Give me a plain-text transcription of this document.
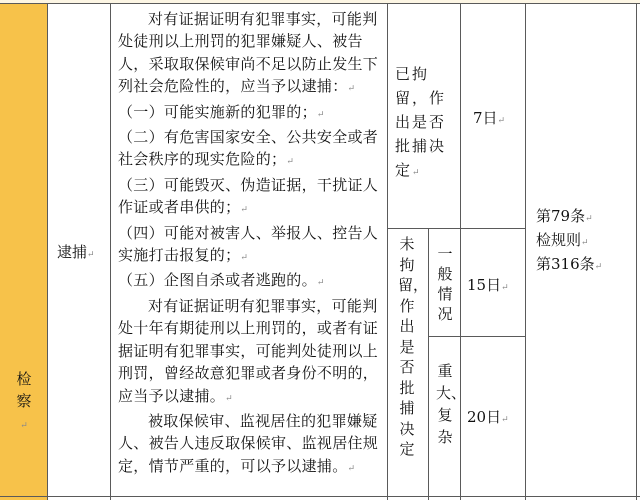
检察↵
逮捕↵

对有证据证明有犯罪事实，可能判处徒刑以上刑罚的犯罪嫌疑人、被告人，采取取保候审尚不足以防止发生下列社会危险性的，应当予以逮捕：↵

（一）可能实施新的犯罪的；↵

（二）有危害国家安全、公共安全或者社会秩序的现实危险的；↵

（三）可能毁灭、伪造证据，干扰证人作证或者串供的；↵

（四）可能对被害人、举报人、控告人实施打击报复的；↵

（五）企图自杀或者逃跑的。↵

对有证据证明有犯罪事实，可能判处十年有期徒刑以上刑罚的，或者有证据证明有犯罪事实，可能判处徒刑以上刑罚，曾经故意犯罪或者身份不明的，应当予以逮捕。↵

被取保候审、监视居住的犯罪嫌疑人、被告人违反取保候审、监视居住规定，情节严重的，可以予以逮捕。↵

已拘留，作出是否批捕决定↵
7日↵
未拘留，作出是否批捕决定
一般情况
15日↵
重大、复杂
20日↵
第79条↵
检规则↵
第316条↵
